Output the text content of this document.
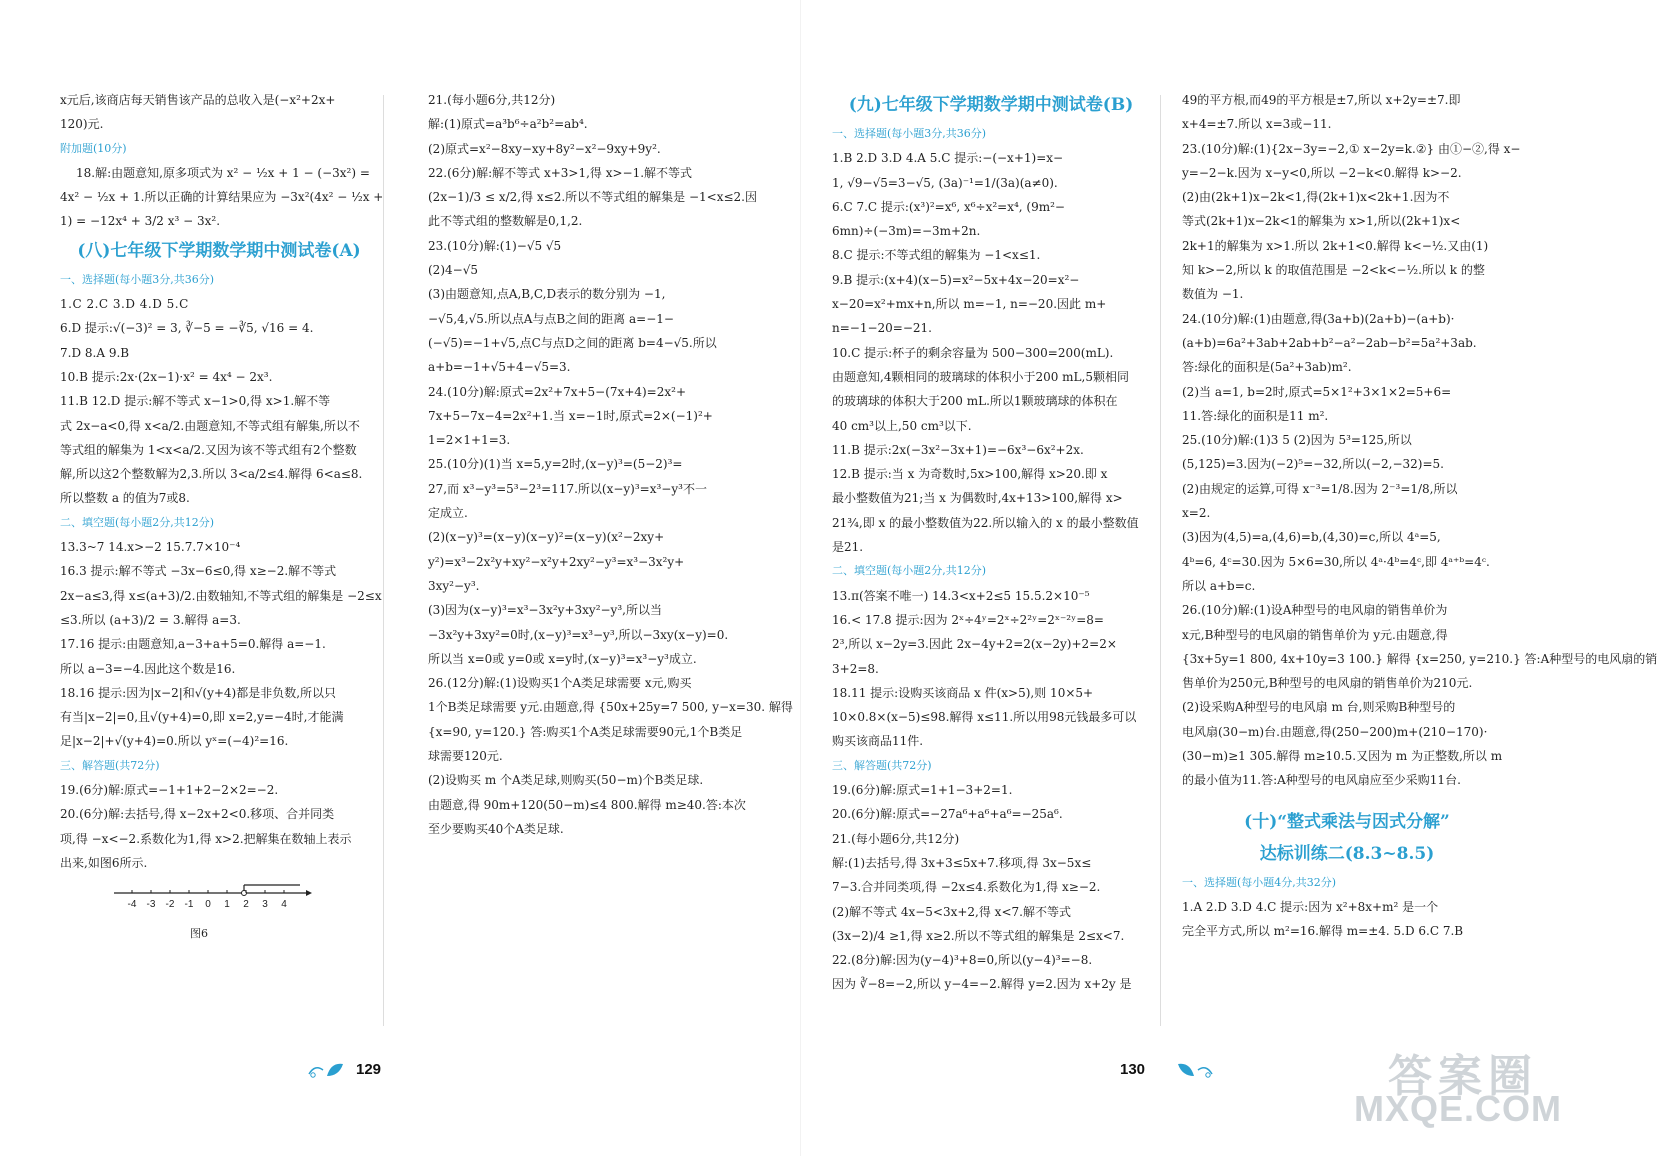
x元后,该商店每天销售该产品的总收入是(−x²+2x+

120)元.

附加题(10分)

18.解:由题意知,原多项式为 x² − ½x + 1 − (−3x²) =

4x² − ½x + 1.所以正确的计算结果应为 −3x²(4x² − ½x +

1) = −12x⁴ + 3/2 x³ − 3x².

(八)七年级下学期数学期中测试卷(A)

一、选择题(每小题3分,共36分)

1.C 2.C 3.D 4.D 5.C

6.D 提示:√(−3)² = 3, ∛−5 = −∛5, √16 = 4.

7.D 8.A 9.B

10.B 提示:2x·(2x−1)·x² = 4x⁴ − 2x³.

11.B 12.D 提示:解不等式 x−1>0,得 x>1.解不等

式 2x−a<0,得 x<a/2.由题意知,不等式组有解集,所以不

等式组的解集为 1<x<a/2.又因为该不等式组有2个整数

解,所以这2个整数解为2,3.所以 3<a/2≤4.解得 6<a≤8.

所以整数 a 的值为7或8.

二、填空题(每小题2分,共12分)

13.3~7 14.x>−2 15.7.7×10⁻⁴

16.3 提示:解不等式 −3x−6≤0,得 x≥−2.解不等式

2x−a≤3,得 x≤(a+3)/2.由数轴知,不等式组的解集是 −2≤x

≤3.所以 (a+3)/2 = 3.解得 a=3.

17.16 提示:由题意知,a−3+a+5=0.解得 a=−1.

所以 a−3=−4.因此这个数是16.

18.16 提示:因为|x−2|和√(y+4)都是非负数,所以只

有当|x−2|=0,且√(y+4)=0,即 x=2,y=−4时,才能满

足|x−2|+√(y+4)=0.所以 yˣ=(−4)²=16.

三、解答题(共72分)

19.(6分)解:原式=−1+1+2−2×2=−2.

20.(6分)解:去括号,得 x−2x+2<0.移项、合并同类

项,得 −x<−2.系数化为1,得 x>2.把解集在数轴上表示

出来,如图6所示.

-4 -3 -2 -1 0 1 2 3 4
图6

21.(每小题6分,共12分)

解:(1)原式=a³b⁶÷a²b²=ab⁴.

(2)原式=x²−8xy−xy+8y²−x²−9xy+9y².

22.(6分)解:解不等式 x+3>1,得 x>−1.解不等式

(2x−1)/3 ≤ x/2,得 x≤2.所以不等式组的解集是 −1<x≤2.因

此不等式组的整数解是0,1,2.

23.(10分)解:(1)−√5 √5

(2)4−√5

(3)由题意知,点A,B,C,D表示的数分别为 −1,

−√5,4,√5.所以点A与点B之间的距离 a=−1−

(−√5)=−1+√5,点C与点D之间的距离 b=4−√5.所以

a+b=−1+√5+4−√5=3.

24.(10分)解:原式=2x²+7x+5−(7x+4)=2x²+

7x+5−7x−4=2x²+1.当 x=−1时,原式=2×(−1)²+

1=2×1+1=3.

25.(10分)(1)当 x=5,y=2时,(x−y)³=(5−2)³=

27,而 x³−y³=5³−2³=117.所以(x−y)³=x³−y³不一

定成立.

(2)(x−y)³=(x−y)(x−y)²=(x−y)(x²−2xy+

y²)=x³−2x²y+xy²−x²y+2xy²−y³=x³−3x²y+

3xy²−y³.

(3)因为(x−y)³=x³−3x²y+3xy²−y³,所以当

−3x²y+3xy²=0时,(x−y)³=x³−y³,所以−3xy(x−y)=0.

所以当 x=0或 y=0或 x=y时,(x−y)³=x³−y³成立.

26.(12分)解:(1)设购买1个A类足球需要 x元,购买

1个B类足球需要 y元.由题意,得 {50x+25y=7 500, y−x=30. 解得

{x=90, y=120.} 答:购买1个A类足球需要90元,1个B类足

球需要120元.

(2)设购买 m 个A类足球,则购买(50−m)个B类足球.

由题意,得 90m+120(50−m)≤4 800.解得 m≥40.答:本次

至少要购买40个A类足球.

129

(九)七年级下学期数学期中测试卷(B)

一、选择题(每小题3分,共36分)

1.B 2.D 3.D 4.A 5.C 提示:−(−x+1)=x−

1, √9−√5=3−√5, (3a)⁻¹=1/(3a)(a≠0).

6.C 7.C 提示:(x³)²=x⁶, x⁶÷x²=x⁴, (9m²−

6mn)÷(−3m)=−3m+2n.

8.C 提示:不等式组的解集为 −1<x≤1.

9.B 提示:(x+4)(x−5)=x²−5x+4x−20=x²−

x−20=x²+mx+n,所以 m=−1, n=−20.因此 m+

n=−1−20=−21.

10.C 提示:杯子的剩余容量为 500−300=200(mL).

由题意知,4颗相同的玻璃球的体积小于200 mL,5颗相同

的玻璃球的体积大于200 mL.所以1颗玻璃球的体积在

40 cm³以上,50 cm³以下.

11.B 提示:2x(−3x²−3x+1)=−6x³−6x²+2x.

12.B 提示:当 x 为奇数时,5x>100,解得 x>20.即 x

最小整数值为21;当 x 为偶数时,4x+13>100,解得 x>

21¾,即 x 的最小整数值为22.所以输入的 x 的最小整数值

是21.

二、填空题(每小题2分,共12分)

13.π(答案不唯一) 14.3<x+2≤5 15.5.2×10⁻⁵

16.< 17.8 提示:因为 2ˣ÷4ʸ=2ˣ÷2²ʸ=2ˣ⁻²ʸ=8=

2³,所以 x−2y=3.因此 2x−4y+2=2(x−2y)+2=2×

3+2=8.

18.11 提示:设购买该商品 x 件(x>5),则 10×5+

10×0.8×(x−5)≤98.解得 x≤11.所以用98元钱最多可以

购买该商品11件.

三、解答题(共72分)

19.(6分)解:原式=1+1−3+2=1.

20.(6分)解:原式=−27a⁶+a⁶+a⁶=−25a⁶.

21.(每小题6分,共12分)

解:(1)去括号,得 3x+3≤5x+7.移项,得 3x−5x≤

7−3.合并同类项,得 −2x≤4.系数化为1,得 x≥−2.

(2)解不等式 4x−5<3x+2,得 x<7.解不等式

(3x−2)/4 ≥1,得 x≥2.所以不等式组的解集是 2≤x<7.

22.(8分)解:因为(y−4)³+8=0,所以(y−4)³=−8.

因为 ∛−8=−2,所以 y−4=−2.解得 y=2.因为 x+2y 是

49的平方根,而49的平方根是±7,所以 x+2y=±7.即

x+4=±7.所以 x=3或−11.

23.(10分)解:(1){2x−3y=−2,① x−2y=k.②} 由①−②,得 x−

y=−2−k.因为 x−y<0,所以 −2−k<0.解得 k>−2.

(2)由(2k+1)x−2k<1,得(2k+1)x<2k+1.因为不

等式(2k+1)x−2k<1的解集为 x>1,所以(2k+1)x<

2k+1的解集为 x>1.所以 2k+1<0.解得 k<−½.又由(1)

知 k>−2,所以 k 的取值范围是 −2<k<−½.所以 k 的整

数值为 −1.

24.(10分)解:(1)由题意,得(3a+b)(2a+b)−(a+b)·

(a+b)=6a²+3ab+2ab+b²−a²−2ab−b²=5a²+3ab.

答:绿化的面积是(5a²+3ab)m².

(2)当 a=1, b=2时,原式=5×1²+3×1×2=5+6=

11.答:绿化的面积是11 m².

25.(10分)解:(1)3 5 (2)因为 5³=125,所以

(5,125)=3.因为(−2)⁵=−32,所以(−2,−32)=5.

(2)由规定的运算,可得 x⁻³=1/8.因为 2⁻³=1/8,所以

x=2.

(3)因为(4,5)=a,(4,6)=b,(4,30)=c,所以 4ᵃ=5,

4ᵇ=6, 4ᶜ=30.因为 5×6=30,所以 4ᵃ·4ᵇ=4ᶜ,即 4ᵃ⁺ᵇ=4ᶜ.

所以 a+b=c.

26.(10分)解:(1)设A种型号的电风扇的销售单价为

x元,B种型号的电风扇的销售单价为 y元.由题意,得

{3x+5y=1 800, 4x+10y=3 100.} 解得 {x=250, y=210.} 答:A种型号的电风扇的销

售单价为250元,B种型号的电风扇的销售单价为210元.

(2)设采购A种型号的电风扇 m 台,则采购B种型号的

电风扇(30−m)台.由题意,得(250−200)m+(210−170)·

(30−m)≥1 305.解得 m≥10.5.又因为 m 为正整数,所以 m

的最小值为11.答:A种型号的电风扇应至少采购11台.

(十)“整式乘法与因式分解”

达标训练二(8.3~8.5)

一、选择题(每小题4分,共32分)

1.A 2.D 3.D 4.C 提示:因为 x²+8x+m² 是一个

完全平方式,所以 m²=16.解得 m=±4. 5.D 6.C 7.B

130	答案圈
MXQE.COM
